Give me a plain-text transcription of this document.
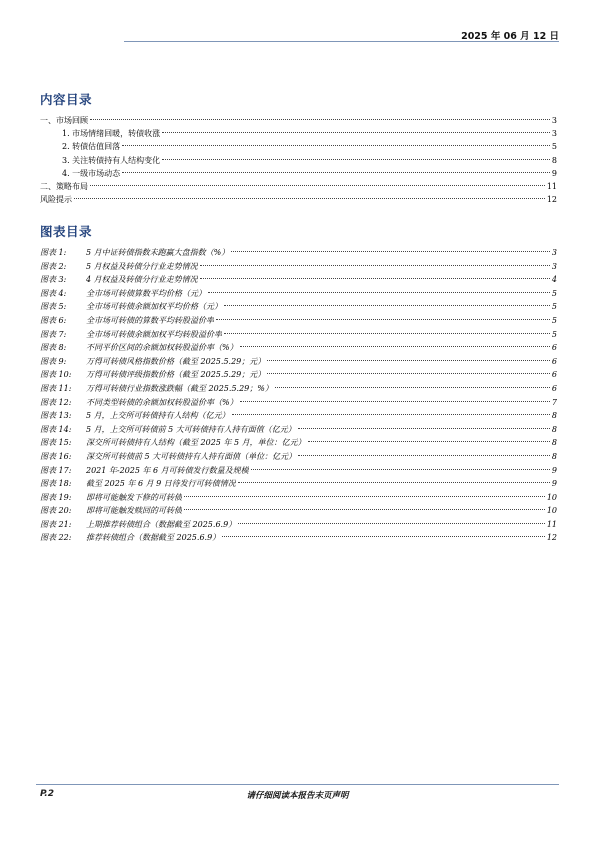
2025 年 06 月 12 日
内容目录
一、市场回顾	3
1. 市场情绪回暖，转债收涨	3
2. 转债估值回落	5
3. 关注转债持有人结构变化	8
4. 一级市场动态	9
二、策略布局	11
风险提示	12
图表目录
图表 1: 5 月中证转债指数未跑赢大盘指数（%）	3
图表 2: 5 月权益及转债分行业走势情况	3
图表 3: 4 月权益及转债分行业走势情况	4
图表 4: 全市场可转债算数平均价格（元）	5
图表 5: 全市场可转债余额加权平均价格（元）	5
图表 6: 全市场可转债的算数平均转股溢价率	5
图表 7: 全市场可转债余额加权平均转股溢价率	5
图表 8: 不同平价区间的余额加权转股溢价率（%）	6
图表 9: 万得可转债风格指数价格（截至 2025.5.29；元）	6
图表 10: 万得可转债评级指数价格（截至 2025.5.29；元）	6
图表 11: 万得可转债行业指数涨跌幅（截至 2025.5.29；%）	6
图表 12: 不同类型转债的余额加权转股溢价率（%）	7
图表 13: 5 月，上交所可转债持有人结构（亿元）	8
图表 14: 5 月，上交所可转债前 5 大可转债持有人持有面值（亿元）	8
图表 15: 深交所可转债持有人结构（截至 2025 年 5 月，单位：亿元）	8
图表 16: 深交所可转债前 5 大可转债持有人持有面值（单位：亿元）	8
图表 17: 2021 年-2025 年 6 月可转债发行数量及规模	9
图表 18: 截至 2025 年 6 月 9 日待发行可转债情况	9
图表 19: 即将可能触发下修的可转债	10
图表 20: 即将可能触发赎回的可转债	10
图表 21: 上期推荐转债组合（数据截至 2025.6.9）	11
图表 22: 推荐转债组合（数据截至 2025.6.9）	12
P.2	请仔细阅读本报告末页声明
